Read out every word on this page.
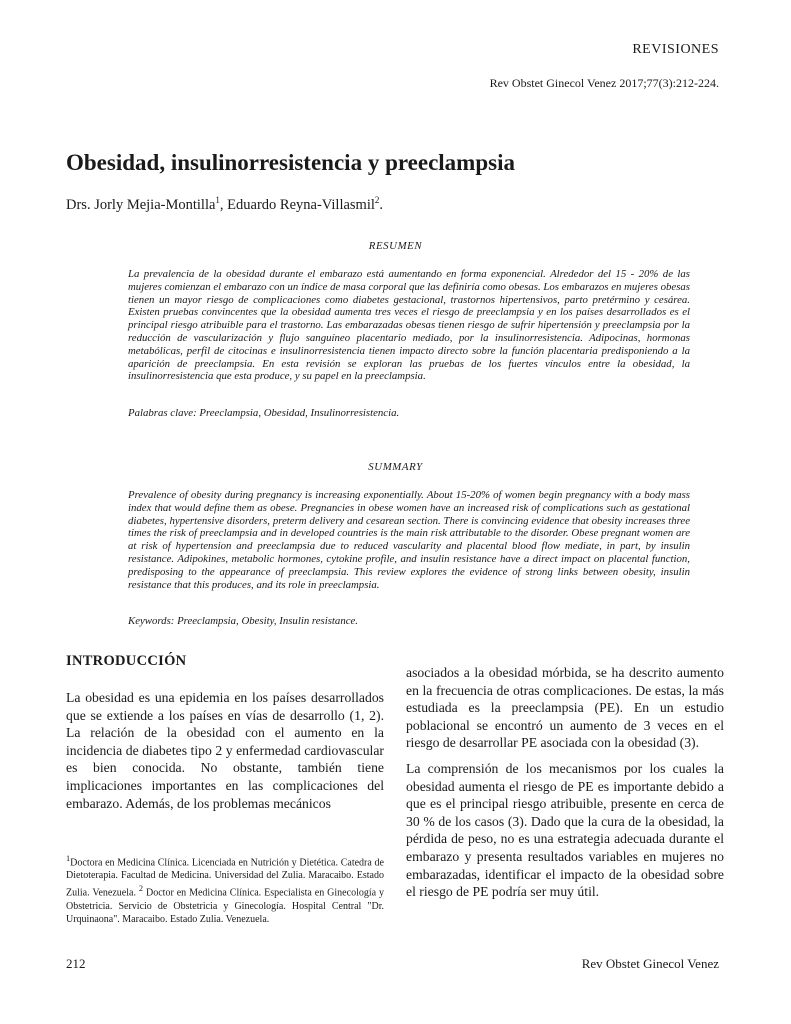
REVISIONES
Rev Obstet Ginecol Venez 2017;77(3):212-224.
Obesidad, insulinorresistencia y preeclampsia
Drs. Jorly Mejia-Montilla$^1$, Eduardo Reyna-Villasmil$^2$.
RESUMEN
La prevalencia de la obesidad durante el embarazo está aumentando en forma exponencial. Alrededor del 15 - 20% de las mujeres comienzan el embarazo con un índice de masa corporal que las definiría como obesas. Los embarazos en mujeres obesas tienen un mayor riesgo de complicaciones como diabetes gestacional, trastornos hipertensivos, parto pretérmino y cesárea. Existen pruebas convincentes que la obesidad aumenta tres veces el riesgo de preeclampsia y en los países desarrollados es el principal riesgo atribuible para el trastorno. Las embarazadas obesas tienen riesgo de sufrir hipertensión y preeclampsia por la reducción de vascularización y flujo sanguíneo placentario mediado, por la insulinorresistencia. Adipocinas, hormonas metabólicas, perfil de citocinas e insulinorresistencia tienen impacto directo sobre la función placentaria predisponiendo a la aparición de preeclampsia. En esta revisión se exploran las pruebas de los fuertes vínculos entre la obesidad, la insulinorresistencia que esta produce, y su papel en la preeclampsia.
Palabras clave: Preeclampsia, Obesidad, Insulinorresistencia.
SUMMARY
Prevalence of obesity during pregnancy is increasing exponentially. About 15-20% of women begin pregnancy with a body mass index that would define them as obese. Pregnancies in obese women have an increased risk of complications such as gestational diabetes, hypertensive disorders, preterm delivery and cesarean section. There is convincing evidence that obesity increases three times the risk of preeclampsia and in developed countries is the main risk attributable to the disorder. Obese pregnant women are at risk of hypertension and preeclampsia due to reduced vascularity and placental blood flow mediate, in part, by insulin resistance. Adipokines, metabolic hormones, cytokine profile, and insulin resistance have a direct impact on placental function, predisposing to the appearance of preeclampsia. This review explores the evidence of strong links between obesity, insulin resistance that this produces, and its role in preeclampsia.
Keywords: Preeclampsia, Obesity, Insulin resistance.
INTRODUCCIÓN
La obesidad es una epidemia en los países desarrollados que se extiende a los países en vías de desarrollo (1, 2). La relación de la obesidad con el aumento en la incidencia de diabetes tipo 2 y enfermedad cardiovascular es bien conocida. No obstante, también tiene implicaciones importantes en las complicaciones del embarazo. Además, de los problemas mecánicos
asociados a la obesidad mórbida, se ha descrito aumento en la frecuencia de otras complicaciones. De estas, la más estudiada es la preeclampsia (PE). En un estudio poblacional se encontró un aumento de 3 veces en el riesgo de desarrollar PE asociada con la obesidad (3).
La comprensión de los mecanismos por los cuales la obesidad aumenta el riesgo de PE es importante debido a que es el principal riesgo atribuible, presente en cerca de 30 % de los casos (3). Dado que la cura de la obesidad, la pérdida de peso, no es una estrategia adecuada durante el embarazo y presenta resultados variables en mujeres no embarazadas, identificar el impacto de la obesidad sobre el riesgo de PE podría ser muy útil.
$^1$Doctora en Medicina Clínica. Licenciada en Nutrición y Dietética. Catedra de Dietoterapia. Facultad de Medicina. Universidad del Zulia. Maracaibo. Estado Zulia. Venezuela. $^2$ Doctor en Medicina Clínica. Especialista en Ginecología y Obstetricia. Servicio de Obstetricia y Ginecología. Hospital Central "Dr. Urquinaona". Maracaibo. Estado Zulia. Venezuela.
212	Rev Obstet Ginecol Venez
